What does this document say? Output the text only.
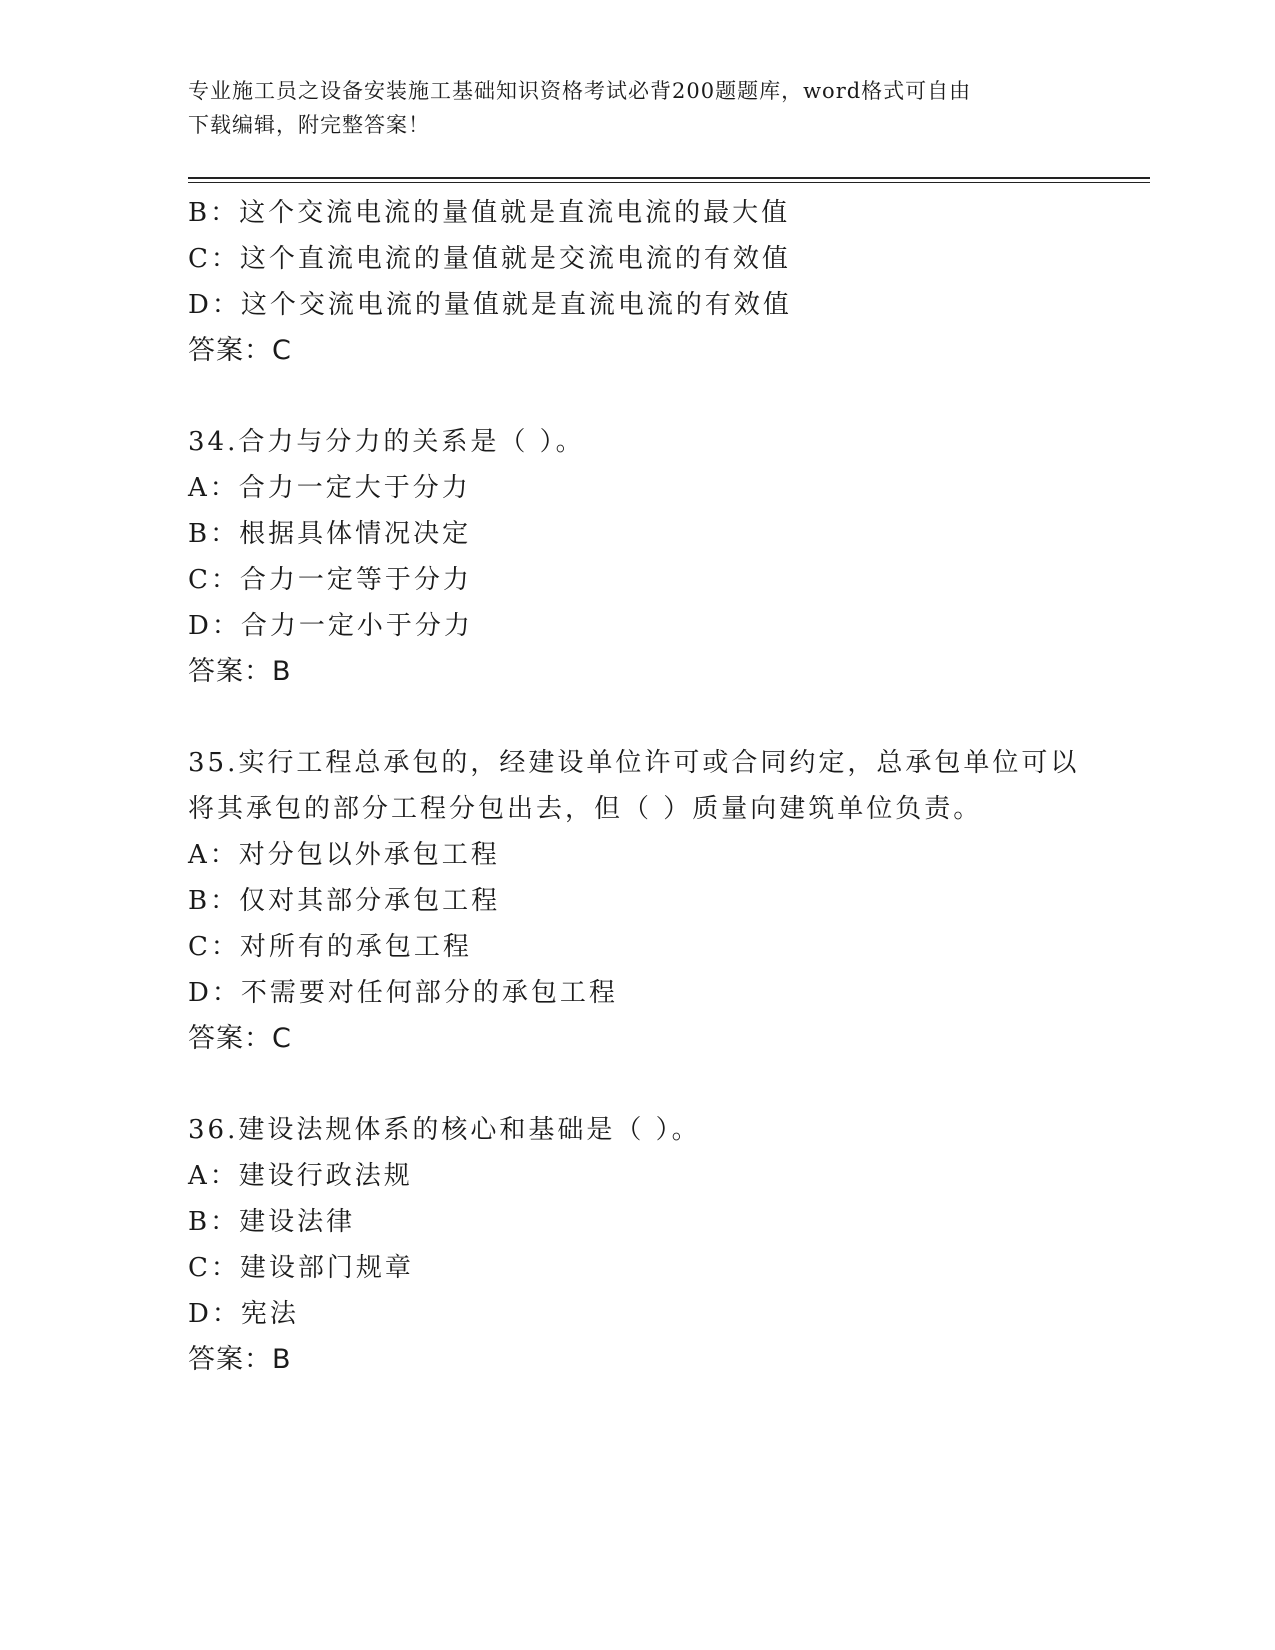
专业施工员之设备安装施工基础知识资格考试必背200题题库，word格式可自由
下载编辑，附完整答案！
B：这个交流电流的量值就是直流电流的最大值
C：这个直流电流的量值就是交流电流的有效值
D：这个交流电流的量值就是直流电流的有效值
答案：C
34.合力与分力的关系是（ ）。
A：合力一定大于分力
B：根据具体情况决定
C：合力一定等于分力
D：合力一定小于分力
答案：B
35.实行工程总承包的，经建设单位许可或合同约定，总承包单位可以
将其承包的部分工程分包出去，但（ ）质量向建筑单位负责。
A：对分包以外承包工程
B：仅对其部分承包工程
C：对所有的承包工程
D：不需要对任何部分的承包工程
答案：C
36.建设法规体系的核心和基础是（ ）。
A：建设行政法规
B：建设法律
C：建设部门规章
D：宪法
答案：B
